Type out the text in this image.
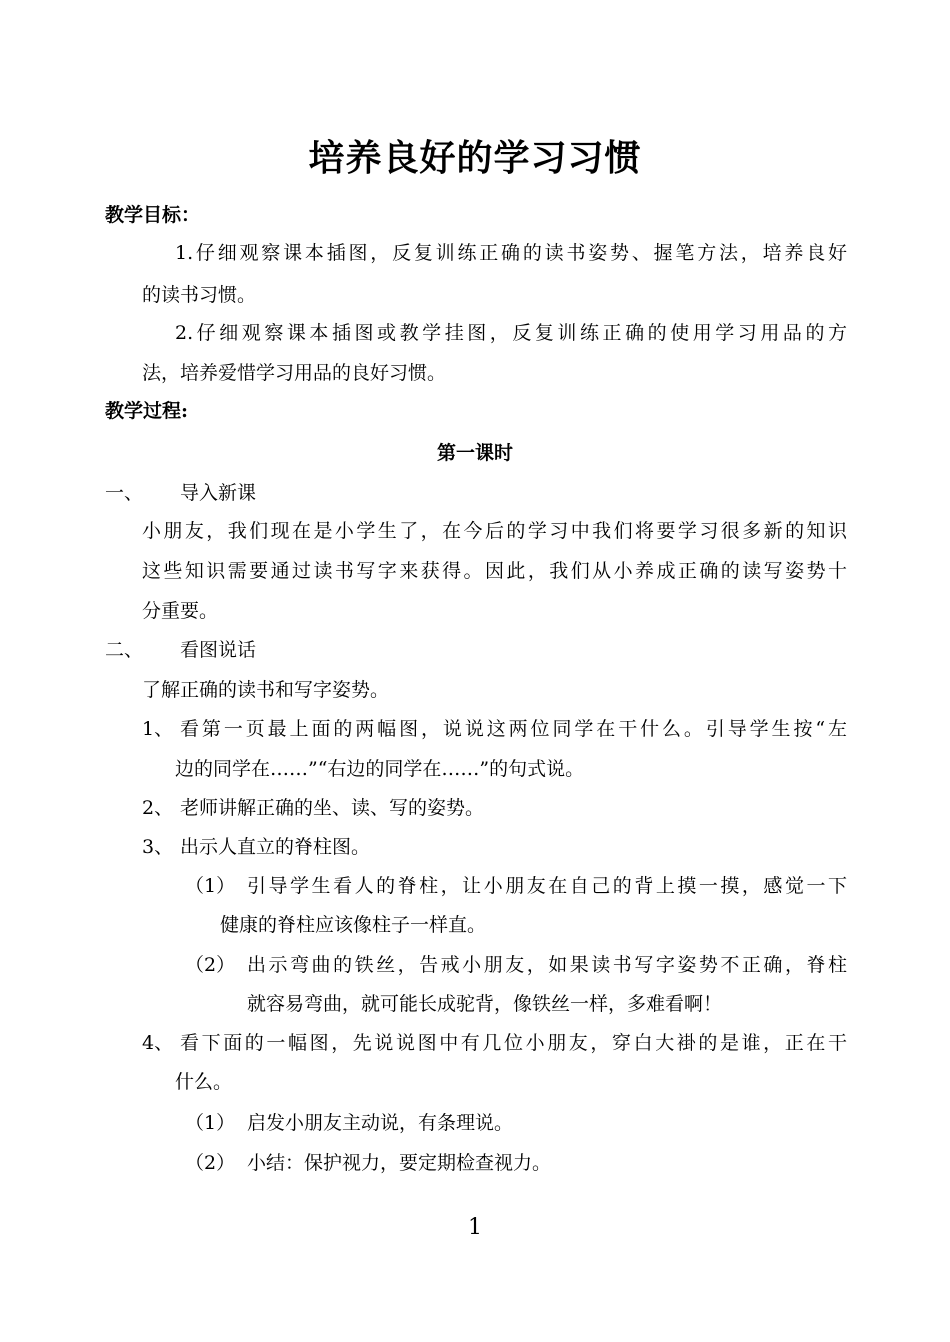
培养良好的学习习惯
教学目标：
1.仔细观察课本插图，反复训练正确的读书姿势、握笔方法，培养良好
的读书习惯。
2.仔细观察课本插图或教学挂图，反复训练正确的使用学习用品的方
法，培养爱惜学习用品的良好习惯。
教学过程:
第一课时
一、 导入新课
小朋友，我们现在是小学生了，在今后的学习中我们将要学习很多新的知识
这些知识需要通过读书写字来获得。因此，我们从小养成正确的读写姿势十
分重要。
二、 看图说话
了解正确的读书和写字姿势。
1、 看第一页最上面的两幅图，说说这两位同学在干什么。引导学生按“左
边的同学在……”“右边的同学在……”的句式说。
2、 老师讲解正确的坐、读、写的姿势。
3、 出示人直立的脊柱图。
（1） 引导学生看人的脊柱，让小朋友在自己的背上摸一摸，感觉一下
健康的脊柱应该像柱子一样直。
（2） 出示弯曲的铁丝，告戒小朋友，如果读书写字姿势不正确，脊柱
就容易弯曲，就可能长成驼背，像铁丝一样，多难看啊！
4、 看下面的一幅图，先说说图中有几位小朋友，穿白大褂的是谁，正在干
什么。
（1） 启发小朋友主动说，有条理说。
（2） 小结：保护视力，要定期检查视力。
1
